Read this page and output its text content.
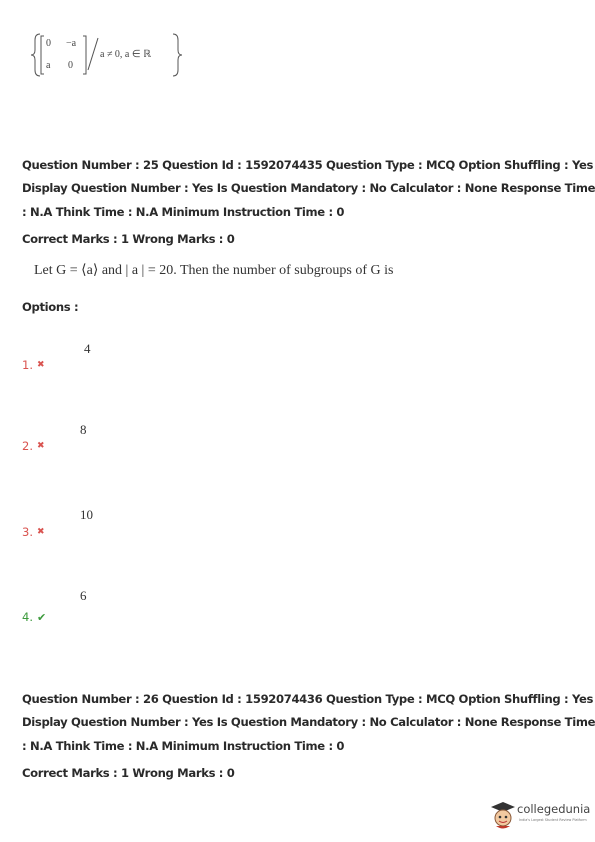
0 −a
a 0
a ≠ 0, a ∈ ℝ
Question Number : 25 Question Id : 1592074435 Question Type : MCQ Option Shuffling : Yes
Display Question Number : Yes Is Question Mandatory : No Calculator : None Response Time
: N.A Think Time : N.A Minimum Instruction Time : 0
Correct Marks : 1 Wrong Marks : 0
Let G = ⟨a⟩ and | a | = 20. Then the number of subgroups of G is
Options :
4
1. ✖
8
2. ✖
10
3. ✖
6
4. ✔
Question Number : 26 Question Id : 1592074436 Question Type : MCQ Option Shuffling : Yes
Display Question Number : Yes Is Question Mandatory : No Calculator : None Response Time
: N.A Think Time : N.A Minimum Instruction Time : 0
Correct Marks : 1 Wrong Marks : 0
collegedunia
India's Largest Student Review Platform
